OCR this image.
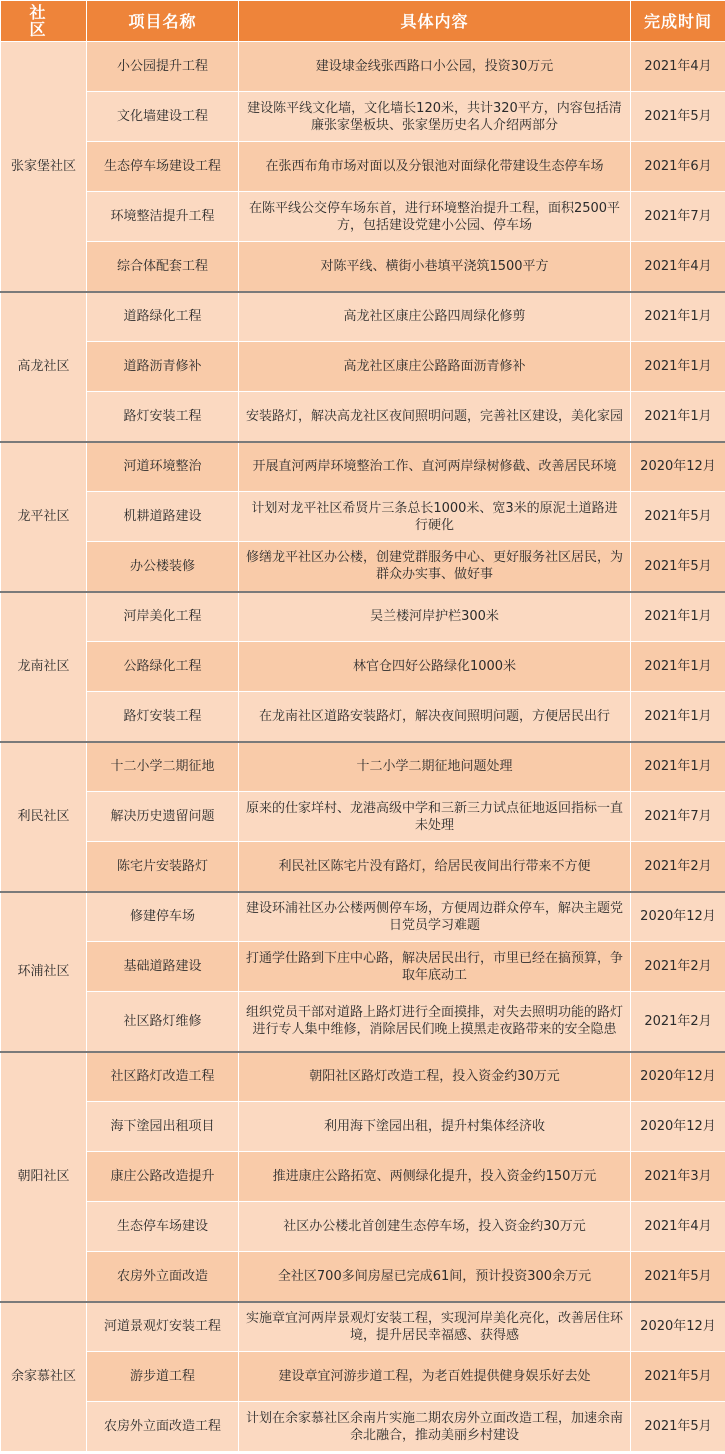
社 区	项目名称	具体内容	完成时间
张家堡社区	小公园提升工程	建设埭金线张西路口小公园，投资30万元	2021年4月
	文化墙建设工程	建设陈平线文化墙，文化墙长120米，共计320平方，内容包括清廉张家堡板块、张家堡历史名人介绍两部分	2021年5月
	生态停车场建设工程	在张西布角市场对面以及分银池对面绿化带建设生态停车场	2021年6月
	环境整洁提升工程	在陈平线公交停车场东首，进行环境整治提升工程，面积2500平方，包括建设党建小公园、停车场	2021年7月
	综合体配套工程	对陈平线、横街小巷填平浇筑1500平方	2021年4月
高龙社区	道路绿化工程	高龙社区康庄公路四周绿化修剪	2021年1月
	道路沥青修补	高龙社区康庄公路路面沥青修补	2021年1月
	路灯安装工程	安装路灯，解决高龙社区夜间照明问题，完善社区建设，美化家园	2021年1月
龙平社区	河道环境整治	开展直河两岸环境整治工作、直河两岸绿树修截、改善居民环境	2020年12月
	机耕道路建设	计划对龙平社区希贤片三条总长1000米、宽3米的原泥土道路进行硬化	2021年5月
	办公楼装修	修缮龙平社区办公楼，创建党群服务中心、更好服务社区居民，为群众办实事、做好事	2021年5月
龙南社区	河岸美化工程	吴兰楼河岸护栏300米	2021年1月
	公路绿化工程	林官仓四好公路绿化1000米	2021年1月
	路灯安装工程	在龙南社区道路安装路灯，解决夜间照明问题，方便居民出行	2021年1月
利民社区	十二小学二期征地	十二小学二期征地问题处理	2021年1月
	解决历史遗留问题	原来的仕家垟村、龙港高级中学和三新三力试点征地返回指标一直未处理	2021年7月
	陈宅片安装路灯	利民社区陈宅片没有路灯，给居民夜间出行带来不方便	2021年2月
环浦社区	修建停车场	建设环浦社区办公楼两侧停车场，方便周边群众停车，解决主题党日党员学习难题	2020年12月
	基础道路建设	打通学仕路到下庄中心路，解决居民出行，市里已经在搞预算，争取年底动工	2021年2月
	社区路灯维修	组织党员干部对道路上路灯进行全面摸排，对失去照明功能的路灯进行专人集中维修，消除居民们晚上摸黑走夜路带来的安全隐患	2021年2月
朝阳社区	社区路灯改造工程	朝阳社区路灯改造工程，投入资金约30万元	2020年12月
	海下塗园出租项目	利用海下塗园出租，提升村集体经济收	2020年12月
	康庄公路改造提升	推进康庄公路拓宽、两侧绿化提升，投入资金约150万元	2021年3月
	生态停车场建设	社区办公楼北首创建生态停车场，投入资金约30万元	2021年4月
	农房外立面改造	全社区700多间房屋已完成61间，预计投资300余万元	2021年5月
余家慕社区	河道景观灯安装工程	实施章宜河两岸景观灯安装工程，实现河岸美化亮化，改善居住环境，提升居民幸福感、获得感	2020年12月
	游步道工程	建设章宜河游步道工程，为老百姓提供健身娱乐好去处	2021年5月
	农房外立面改造工程	计划在余家慕社区余南片实施二期农房外立面改造工程，加速余南余北融合，推动美丽乡村建设	2021年5月
